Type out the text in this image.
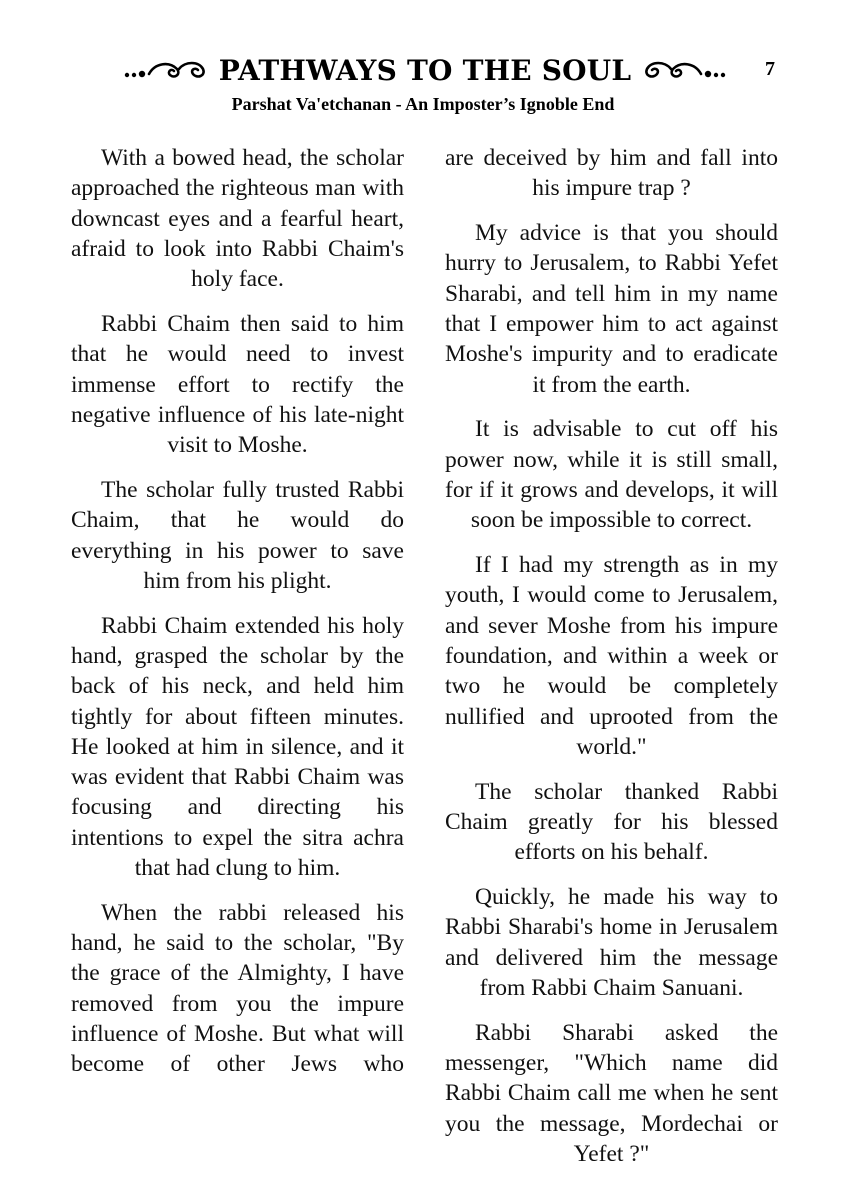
PATHWAYS TO THE SOUL	7
Parshat Va'etchanan - An Imposter’s Ignoble End

With a bowed head, the scholar approached the righteous man with downcast eyes and a fearful heart, afraid to look into Rabbi Chaim's holy face.

Rabbi Chaim then said to him that he would need to invest immense effort to rectify the negative influence of his late-night visit to Moshe.

The scholar fully trusted Rabbi Chaim, that he would do everything in his power to save him from his plight.

Rabbi Chaim extended his holy hand, grasped the scholar by the back of his neck, and held him tightly for about fifteen minutes. He looked at him in silence, and it was evident that Rabbi Chaim was focusing and directing his intentions to expel the sitra achra that had clung to him.

When the rabbi released his hand, he said to the scholar, "By the grace of the Almighty, I have removed from you the impure influence of Moshe. But what will become of other Jews who

are deceived by him and fall into his impure trap ?

My advice is that you should hurry to Jerusalem, to Rabbi Yefet Sharabi, and tell him in my name that I empower him to act against Moshe's impurity and to eradicate it from the earth.

It is advisable to cut off his power now, while it is still small, for if it grows and develops, it will soon be impossible to correct.

If I had my strength as in my youth, I would come to Jerusalem, and sever Moshe from his impure foundation, and within a week or two he would be completely nullified and uprooted from the world."

The scholar thanked Rabbi Chaim greatly for his blessed efforts on his behalf.

Quickly, he made his way to Rabbi Sharabi's home in Jerusalem and delivered him the message from Rabbi Chaim Sanuani.

Rabbi Sharabi asked the messenger, "Which name did Rabbi Chaim call me when he sent you the message, Mordechai or Yefet ?"
